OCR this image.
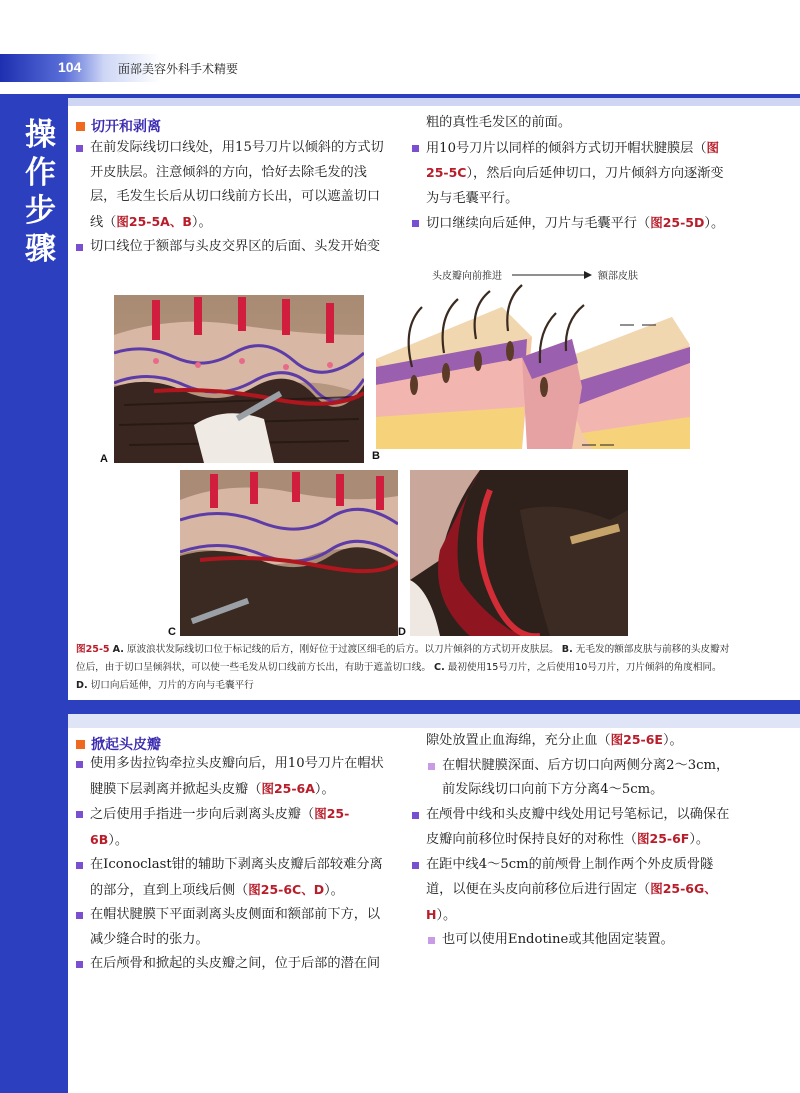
104	面部美容外科手术精要
操
作
步
骤
切开和剥离
在前发际线切口线处，用15号刀片以倾斜的方式切开皮肤层。注意倾斜的方向，恰好去除毛发的浅层，毛发生长后从切口线前方长出，可以遮盖切口线（图25-5A、B）。
切口线位于额部与头皮交界区的后面、头发开始变
粗的真性毛发区的前面。
用10号刀片以同样的倾斜方式切开帽状腱膜层（图25-5C），然后向后延伸切口，刀片倾斜方向逐渐变为与毛囊平行。
切口继续向后延伸，刀片与毛囊平行（图25-5D）。
A
头皮瓣向前推进	额部皮肤
B
C	D
图25-5 A. 原波浪状发际线切口位于标记线的后方，刚好位于过渡区细毛的后方。以刀片倾斜的方式切开皮肤层。 B. 无毛发的额部皮肤与前移的头皮瓣对位后，由于切口呈倾斜状，可以使一些毛发从切口线前方长出，有助于遮盖切口线。 C. 最初使用15号刀片，之后使用10号刀片，刀片倾斜的角度相同。 D. 切口向后延伸，刀片的方向与毛囊平行
掀起头皮瓣
使用多齿拉钩牵拉头皮瓣向后，用10号刀片在帽状腱膜下层剥离并掀起头皮瓣（图25-6A）。
之后使用手指进一步向后剥离头皮瓣（图25-6B）。
在Iconoclast钳的辅助下剥离头皮瓣后部较难分离的部分，直到上项线后侧（图25-6C、D）。
在帽状腱膜下平面剥离头皮侧面和额部前下方，以减少缝合时的张力。
在后颅骨和掀起的头皮瓣之间，位于后部的潜在间
隙处放置止血海绵，充分止血（图25-6E）。
在帽状腱膜深面、后方切口向两侧分离2～3cm，前发际线切口向前下方分离4～5cm。
在颅骨中线和头皮瓣中线处用记号笔标记，以确保在皮瓣向前移位时保持良好的对称性（图25-6F）。
在距中线4～5cm的前颅骨上制作两个外皮质骨隧道，以便在头皮向前移位后进行固定（图25-6G、H）。
也可以使用Endotine或其他固定装置。
